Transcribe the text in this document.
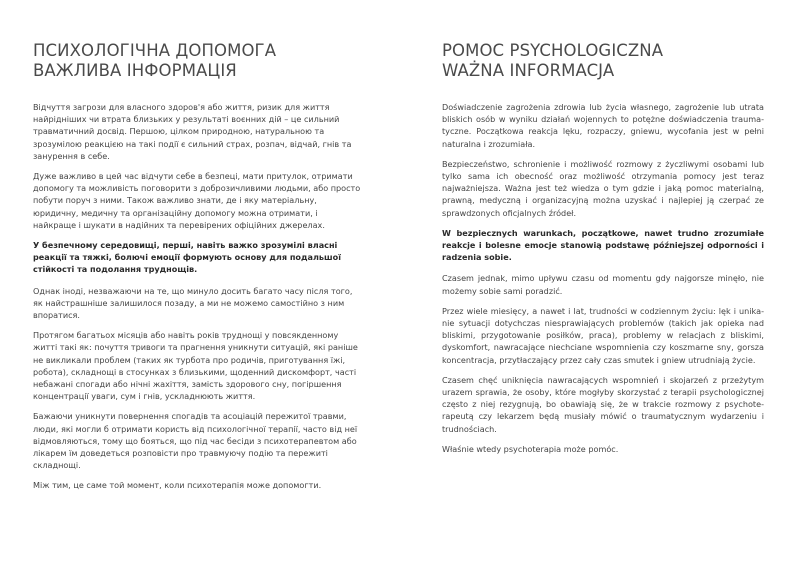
ПСИХОЛОГІЧНА ДОПОМОГА
ВАЖЛИВА ІНФОРМАЦІЯ

Відчуття загрози для власного здоров'я або життя, ризик для життя найрідніших чи втрата близьких у результаті воєнних дій – це сильний травматичний досвід. Першою, цілком природною, натуральною та зрозумілою реакцією на такі події є сильний страх, розпач, відчай, гнів та занурення в себе.

Дуже важливо в цей час відчути себе в безпеці, мати притулок, отримати допомогу та можливість поговорити з доброзичливими людьми, або просто побути поруч з ними. Також важливо знати, де і яку матеріальну, юридичну, медичну та організаційну допомогу можна отримати, і найкраще і шукати в надійних та перевірених офіційних джерелах.

У безпечному середовищі, перші, навіть важко зрозумілі власні реакції та тяжкі, болючі емоції формують основу для подальшої стійкості та подолання труднощів.

Однак іноді, незважаючи на те, що минуло досить багато часу після того, як найстрашніше залишилося позаду, а ми не можемо самостійно з ним впоратися.

Протягом багатьох місяців або навіть років труднощі у повсякденному житті такі як: почуття тривоги та прагнення уникнути ситуацій, які раніше не викликали проблем (таких як турбота про родичів, приготування їжі, робота), складнощі в стосунках з близькими, щоденний дискомфорт, часті небажані спогади або нічні жахіття, замість здорового сну, погіршення концентрації уваги, сум і гнів, ускладнюють життя.

Бажаючи уникнути повернення спогадів та асоціацій пережитої травми, люди, які могли б отримати користь від психологічної терапії, часто від неї відмовляються, тому що бояться, що під час бесіди з психотерапевтом або лікарем їм доведеться розповісти про травмуючу подію та пережиті складнощі.

Між тим, це саме той момент, коли психотерапія може допомогти.

POMOC PSYCHOLOGICZNA
WAŻNA INFORMACJA

Doświadczenie zagrożenia zdrowia lub życia własnego, zagrożenie lub utrata bliskich osób w wyniku działań wojennych to potężne doświadczenia trauma-tyczne. Początkowa reakcja lęku, rozpaczy, gniewu, wycofania jest w pełni naturalna i zrozumiała.

Bezpieczeństwo, schronienie i możliwość rozmowy z życzliwymi osobami lub tylko sama ich obecność oraz możliwość otrzymania pomocy jest teraz najważniejsza. Ważna jest też wiedza o tym gdzie i jaką pomoc materialną, prawną, medyczną i organizacyjną można uzyskać i najlepiej ją czerpać ze sprawdzonych oficjalnych źródeł.

W bezpiecznych warunkach, początkowe, nawet trudno zrozumiałe reakcje i bolesne emocje stanowią podstawę późniejszej odporności i radzenia sobie.

Czasem jednak, mimo upływu czasu od momentu gdy najgorsze minęło, nie możemy sobie sami poradzić.

Przez wiele miesięcy, a nawet i lat, trudności w codziennym życiu: lęk i unika-nie sytuacji dotychczas niesprawiających problemów (takich jak opieka nad bliskimi, przygotowanie posiłków, praca), problemy w relacjach z bliskimi, dyskomfort, nawracające niechciane wspomnienia czy koszmarne sny, gorsza koncentracja, przytłaczający przez cały czas smutek i gniew utrudniają życie.

Czasem chęć uniknięcia nawracających wspomnień i skojarzeń z przeżytym urazem sprawia, że osoby, które mogłyby skorzystać z terapii psychologicznej często z niej rezygnują, bo obawiają się, że w trakcie rozmowy z psychote-rapeutą czy lekarzem będą musiały mówić o traumatycznym wydarzeniu i trudnościach.

Właśnie wtedy psychoterapia może pomóc.
